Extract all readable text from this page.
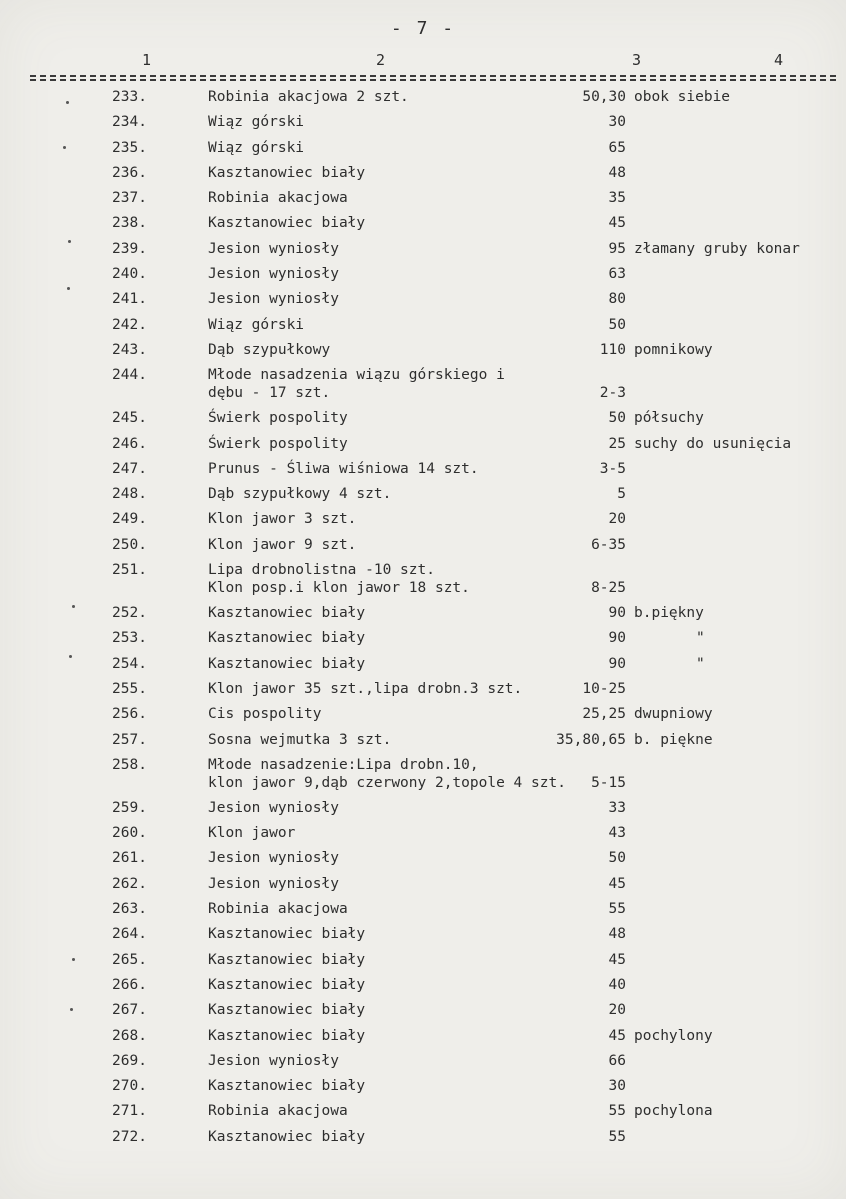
- 7 -
1	2	3	4
233.	Robinia akacjowa 2 szt.	50,30 obok siebie
234.	Wiąz górski	30
235.	Wiąz górski	65
236.	Kasztanowiec biały	48
237.	Robinia akacjowa	35
238.	Kasztanowiec biały	45
239.	Jesion wyniosły	95 złamany gruby konar
240.	Jesion wyniosły	63
241.	Jesion wyniosły	80
242.	Wiąz górski	50
243.	Dąb szypułkowy	110 pomnikowy
244.	Młode nasadzenia wiązu górskiego i
dębu - 17 szt.	2-3
245.	Świerk pospolity	50 półsuchy
246.	Świerk pospolity	25 suchy do usunięcia
247.	Prunus - Śliwa wiśniowa 14 szt.	3-5
248.	Dąb szypułkowy 4 szt.	5
249.	Klon jawor 3 szt.	20
250.	Klon jawor 9 szt.	6-35
251.	Lipa drobnolistna -10 szt.
Klon posp.i klon jawor 18 szt.	8-25
252.	Kasztanowiec biały	90 b.piękny
253.	Kasztanowiec biały	90	"
254.	Kasztanowiec biały	90	"
255.	Klon jawor 35 szt.,lipa drobn.3 szt.	10-25
256.	Cis pospolity	25,25 dwupniowy
257.	Sosna wejmutka 3 szt.	35,80,65 b. piękne
258.	Młode nasadzenie:Lipa drobn.10,
klon jawor 9,dąb czerwony 2,topole 4 szt.	5-15
259.	Jesion wyniosły	33
260.	Klon jawor	43
261.	Jesion wyniosły	50
262.	Jesion wyniosły	45
263.	Robinia akacjowa	55
264.	Kasztanowiec biały	48
265.	Kasztanowiec biały	45
266.	Kasztanowiec biały	40
267.	Kasztanowiec biały	20
268.	Kasztanowiec biały	45 pochylony
269.	Jesion wyniosły	66
270.	Kasztanowiec biały	30
271.	Robinia akacjowa	55 pochylona
272.	Kasztanowiec biały	55
